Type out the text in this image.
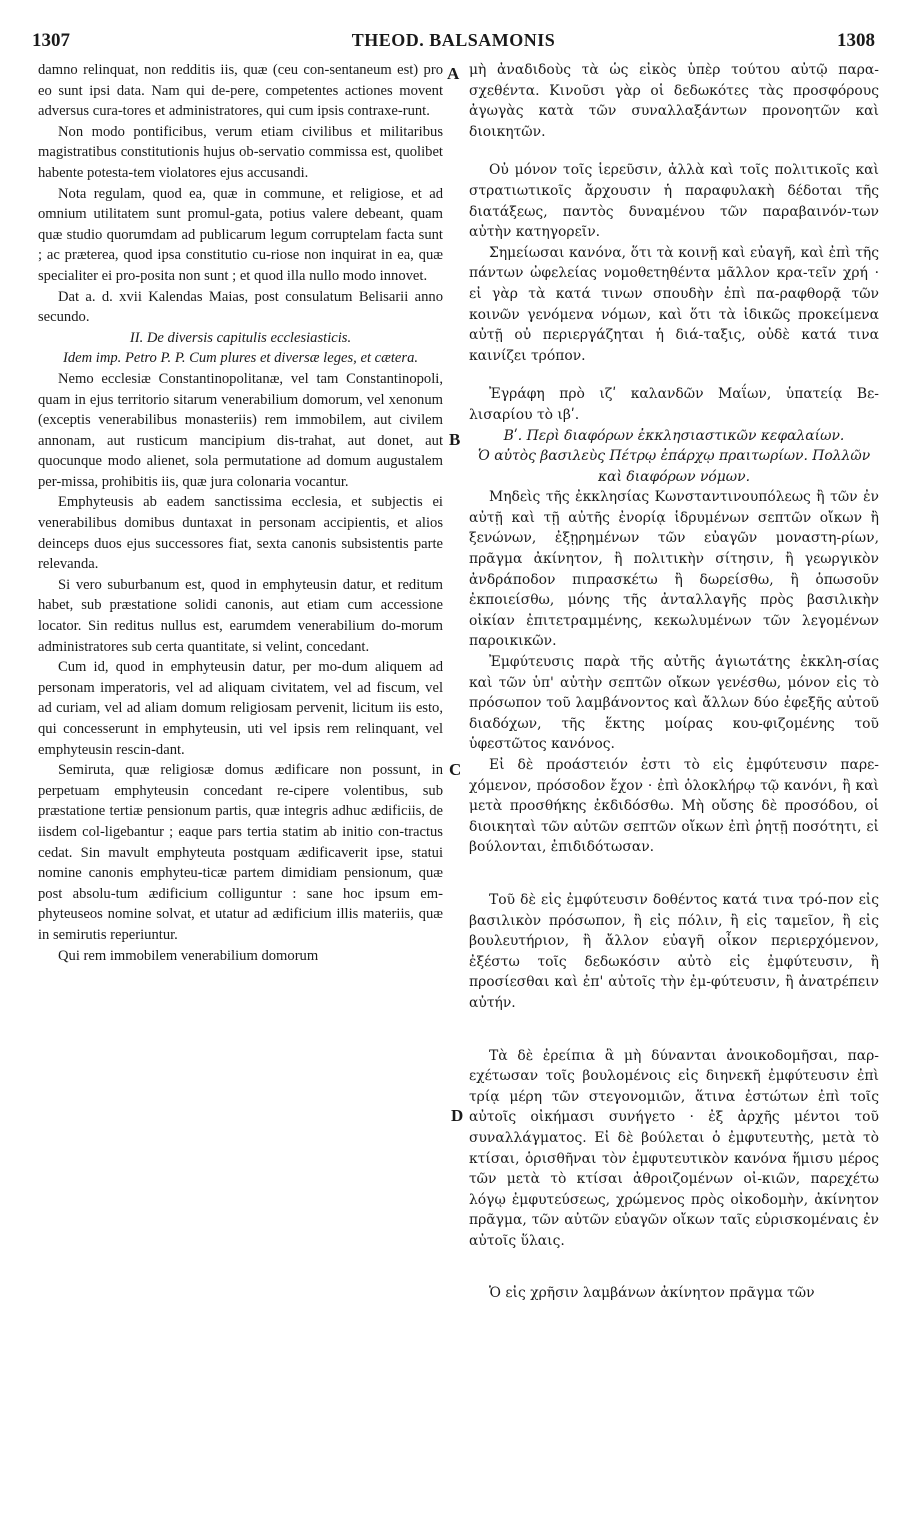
1307	THEOD. BALSAMONIS	1308
A
B
C
D

damno relinquat, non redditis iis, quæ (ceu con-sentaneum est) pro eo sunt ipsi data. Nam qui de-pere, competentes actiones movent adversus cura-tores et administratores, qui cum ipsis contraxe-runt.

Non modo pontificibus, verum etiam civilibus et militaribus magistratibus constitutionis hujus ob-servatio commissa est, quolibet habente potesta-tem violatores ejus accusandi.

Nota regulam, quod ea, quæ in commune, et religiose, et ad omnium utilitatem sunt promul-gata, potius valere debeant, quam quæ studio quorumdam ad publicarum legum corruptelam facta sunt ; ac præterea, quod ipsa constitutio cu-riose non inquirat in ea, quæ specialiter ei pro-posita non sunt ; et quod illa nullo modo innovet.

Dat a. d. xvii Kalendas Maias, post consulatum Belisarii anno secundo.

II. De diversis capitulis ecclesiasticis.

Idem imp. Petro P. P. Cum plures et diversæ leges, et cætera.

Nemo ecclesiæ Constantinopolitanæ, vel tam Constantinopoli, quam in ejus territorio sitarum venerabilium domorum, vel xenonum (exceptis venerabilibus monasteriis) rem immobilem, aut civilem annonam, aut rusticum mancipium dis-trahat, aut donet, aut quocunque modo alienet, sola permutatione ad domum augustalem per-missa, prohibitis iis, quæ jura colonaria vocantur.

Emphyteusis ab eadem sanctissima ecclesia, et subjectis ei venerabilibus domibus duntaxat in personam accipientis, et alios deinceps duos ejus successores fiat, sexta canonis subsistentis parte relevanda.

Si vero suburbanum est, quod in emphyteusin datur, et reditum habet, sub præstatione solidi canonis, aut etiam cum accessione locator. Sin reditus nullus est, earumdem venerabilium do-morum administratores sub certa quantitate, si velint, concedant.

Cum id, quod in emphyteusin datur, per mo-dum aliquem ad personam imperatoris, vel ad aliquam civitatem, vel ad fiscum, vel ad curiam, vel ad aliam domum religiosam pervenit, licitum iis esto, qui concesserunt in emphyteusin, uti vel ipsis rem relinquant, vel emphyteusin rescin-dant.

Semiruta, quæ religiosæ domus ædificare non possunt, in perpetuam emphyteusin concedant re-cipere volentibus, sub præstatione tertiæ pensionum partis, quæ integris adhuc ædificiis, de iisdem col-ligebantur ; eaque pars tertia statim ab initio con-tractus cedat. Sin mavult emphyteuta postquam ædificaverit ipse, statui nomine canonis emphyteu-ticæ partem dimidiam pensionum, quæ post absolu-tum ædificium colliguntur : sane hoc ipsum em-phyteuseos nomine solvat, et utatur ad ædificium illis materiis, quæ in semirutis reperiuntur.

Qui rem immobilem venerabilium domorum

μὴ ἀναδιδοὺς τὰ ὡς εἰκὸς ὑπὲρ τούτου αὐτῷ παρα-σχεθέντα. Κινοῦσι γὰρ οἱ δεδωκότες τὰς προσφόρους ἀγωγὰς κατὰ τῶν συναλλαξάντων προνοητῶν καὶ διοικητῶν.

Οὐ μόνον τοῖς ἱερεῦσιν, ἀλλὰ καὶ τοῖς πολιτικοῖς καὶ στρατιωτικοῖς ἄρχουσιν ἡ παραφυλακὴ δέδοται τῆς διατάξεως, παντὸς δυναμένου τῶν παραβαινόν-των αὐτὴν κατηγορεῖν.

Σημείωσαι κανόνα, ὅτι τὰ κοινῇ καὶ εὐαγῆ, καὶ ἐπὶ τῆς πάντων ὠφελείας νομοθετηθέντα μᾶλλον κρα-τεῖν χρή · εἰ γὰρ τὰ κατά τινων σπουδὴν ἐπὶ πα-ραφθορᾷ τῶν κοινῶν γενόμενα νόμων, καὶ ὅτι τὰ ἰδικῶς προκείμενα αὐτῇ οὐ περιεργάζηται ἡ διά-ταξις, οὐδὲ κατά τινα καινίζει τρόπον.

Ἐγράφη πρὸ ιζʹ καλανδῶν Μαΐων, ὑπατείᾳ Βε-λισαρίου τὸ ιβʹ.

Βʹ. Περὶ διαφόρων ἐκκλησιαστικῶν κεφαλαίων.

Ὁ αὐτὸς βασιλεὺς Πέτρῳ ἐπάρχῳ πραιτωρίων. Πολλῶν καὶ διαφόρων νόμων.

Μηδεὶς τῆς ἐκκλησίας Κωνσταντινουπόλεως ἢ τῶν ἐν αὐτῇ καὶ τῇ αὐτῆς ἐνορίᾳ ἱδρυμένων σεπτῶν οἴκων ἢ ξενώνων, ἐξῃρημένων τῶν εὐαγῶν μοναστη-ρίων, πρᾶγμα ἀκίνητον, ἢ πολιτικὴν σίτησιν, ἢ γεωργικὸν ἀνδράποδον πιπρασκέτω ἢ δωρείσθω, ἢ ὁπωσοῦν ἐκποιείσθω, μόνης τῆς ἀνταλλαγῆς πρὸς βασιλικὴν οἰκίαν ἐπιτετραμμένης, κεκωλυμένων τῶν λεγομένων παροικικῶν.

Ἐμφύτευσις παρὰ τῆς αὐτῆς ἁγιωτάτης ἐκκλη-σίας καὶ τῶν ὑπ' αὐτὴν σεπτῶν οἴκων γενέσθω, μόνον εἰς τὸ πρόσωπον τοῦ λαμβάνοντος καὶ ἄλλων δύο ἐφεξῆς αὐτοῦ διαδόχων, τῆς ἕκτης μοίρας κου-φιζομένης τοῦ ὑφεστῶτος κανόνος.

Εἰ δὲ προάστειόν ἐστι τὸ εἰς ἐμφύτευσιν παρε-χόμενον, πρόσοδον ἔχον · ἐπὶ ὁλοκλήρῳ τῷ κανόνι, ἢ καὶ μετὰ προσθήκης ἐκδιδόσθω. Μὴ οὔσης δὲ προσόδου, οἱ διοικηταὶ τῶν αὐτῶν σεπτῶν οἴκων ἐπὶ ῥητῇ ποσότητι, εἰ βούλονται, ἐπιδιδότωσαν.

Τοῦ δὲ εἰς ἐμφύτευσιν δοθέντος κατά τινα τρό-πον εἰς βασιλικὸν πρόσωπον, ἢ εἰς πόλιν, ἢ εἰς ταμεῖον, ἢ εἰς βουλευτήριον, ἢ ἄλλον εὐαγῆ οἶκον περιερχόμενον, ἐξέστω τοῖς δεδωκόσιν αὐτὸ εἰς ἐμφύτευσιν, ἢ προσίεσθαι καὶ ἐπ' αὐτοῖς τὴν ἐμ-φύτευσιν, ἢ ἀνατρέπειν αὐτήν.

Τὰ δὲ ἐρείπια ἃ μὴ δύνανται ἀνοικοδομῆσαι, παρ-εχέτωσαν τοῖς βουλομένοις εἰς διηνεκῆ ἐμφύτευσιν ἐπὶ τρίᾳ μέρη τῶν στεγονομιῶν, ἅτινα ἐστώτων ἐπὶ τοῖς αὐτοῖς οἰκήμασι συνήγετο · ἐξ ἀρχῆς μέντοι τοῦ συναλλάγματος. Εἰ δὲ βούλεται ὁ ἐμφυτευτὴς, μετὰ τὸ κτίσαι, ὁρισθῆναι τὸν ἐμφυτευτικὸν κανόνα ἥμισυ μέρος τῶν μετὰ τὸ κτίσαι ἀθροιζομένων οἰ-κιῶν, παρεχέτω λόγῳ ἐμφυτεύσεως, χρώμενος πρὸς οἰκοδομὴν, ἀκίνητον πρᾶγμα, τῶν αὐτῶν εὐαγῶν οἴκων ταῖς εὑρισκομέναις ἐν αὐτοῖς ὕλαις.

Ὁ εἰς χρῆσιν λαμβάνων ἀκίνητον πρᾶγμα τῶν
